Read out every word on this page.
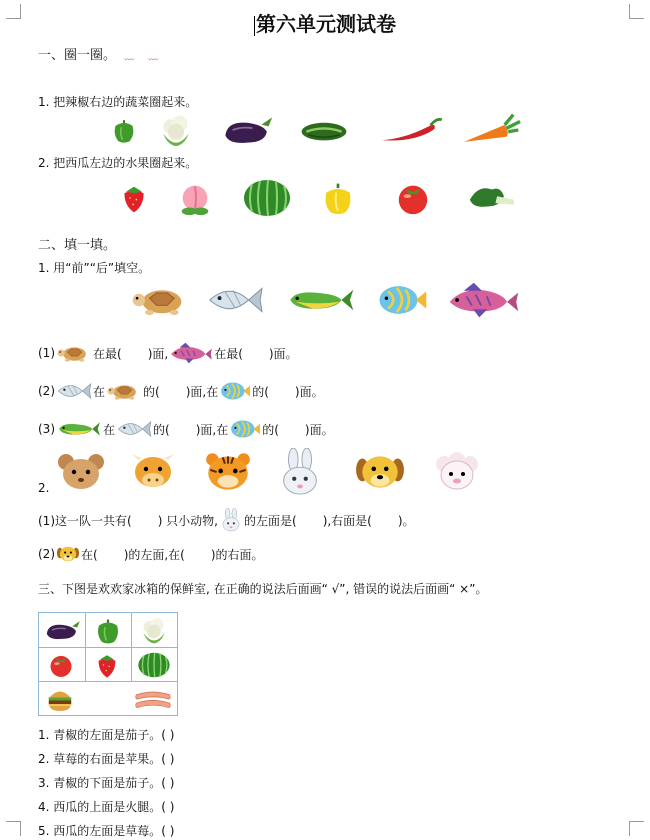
第六单元测试卷
一、圈一圈。 ﹏﹏
1. 把辣椒右边的蔬菜圈起来。
2. 把西瓜左边的水果圈起来。
二、填一填。
1. 用“前”“后”填空。
(1)	在最( )面,	在最( )面。
(2)	在	的( )面,在	的( )面。
(3)	在	的( )面,在	的( )面。
2.
(1)这一队一共有( ) 只小动物, 的左面是( ),右面是( )。
(2) 在( )的左面,在( )的右面。
三、下图是欢欢家冰箱的保鲜室, 在正确的说法后面画“ √”, 错误的说法后面画“ ×”。
1. 青椒的左面是茄子。( )
2. 草莓的右面是苹果。( )
3. 青椒的下面是茄子。( )
4. 西瓜的上面是火腿。( )
5. 西瓜的左面是草莓。( )
